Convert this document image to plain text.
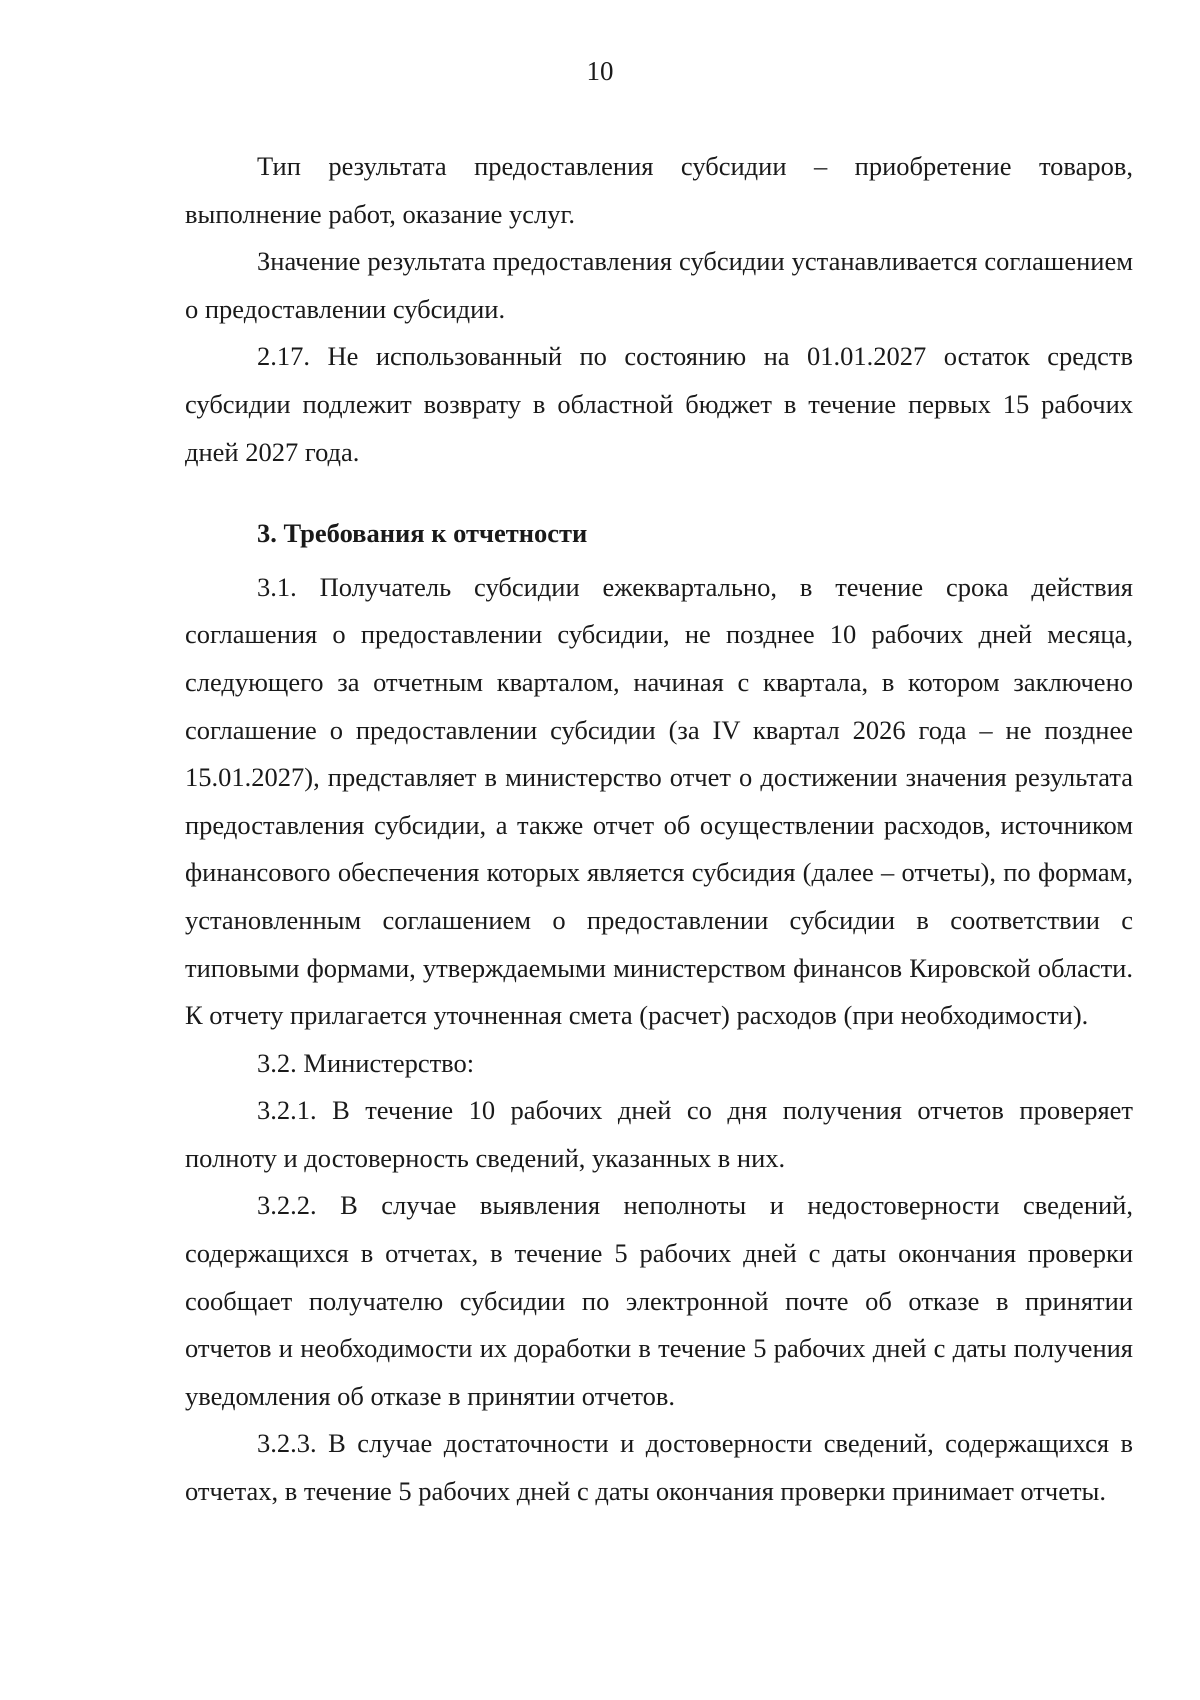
10

Тип результата предоставления субсидии – приобретение товаров, выполнение работ, оказание услуг.

Значение результата предоставления субсидии устанавливается соглашением о предоставлении субсидии.

2.17. Не использованный по состоянию на 01.01.2027 остаток средств субсидии подлежит возврату в областной бюджет в течение первых 15 рабочих дней 2027 года.

3. Требования к отчетности

3.1. Получатель субсидии ежеквартально, в течение срока действия соглашения о предоставлении субсидии, не позднее 10 рабочих дней месяца, следующего за отчетным кварталом, начиная с квартала, в котором заключено соглашение о предоставлении субсидии (за IV квартал 2026 года – не позднее 15.01.2027), представляет в министерство отчет о достижении значения результата предоставления субсидии, а также отчет об осуществлении расходов, источником финансового обеспечения которых является субсидия (далее – отчеты), по формам, установленным соглашением о предоставлении субсидии в соответствии с типовыми формами, утверждаемыми министерством финансов Кировской области. К отчету прилагается уточненная смета (расчет) расходов (при необходимости).

3.2. Министерство:

3.2.1. В течение 10 рабочих дней со дня получения отчетов проверяет полноту и достоверность сведений, указанных в них.

3.2.2. В случае выявления неполноты и недостоверности сведений, содержащихся в отчетах, в течение 5 рабочих дней с даты окончания проверки сообщает получателю субсидии по электронной почте об отказе в принятии отчетов и необходимости их доработки в течение 5 рабочих дней с даты получения уведомления об отказе в принятии отчетов.

3.2.3. В случае достаточности и достоверности сведений, содержащихся в отчетах, в течение 5 рабочих дней с даты окончания проверки принимает отчеты.
